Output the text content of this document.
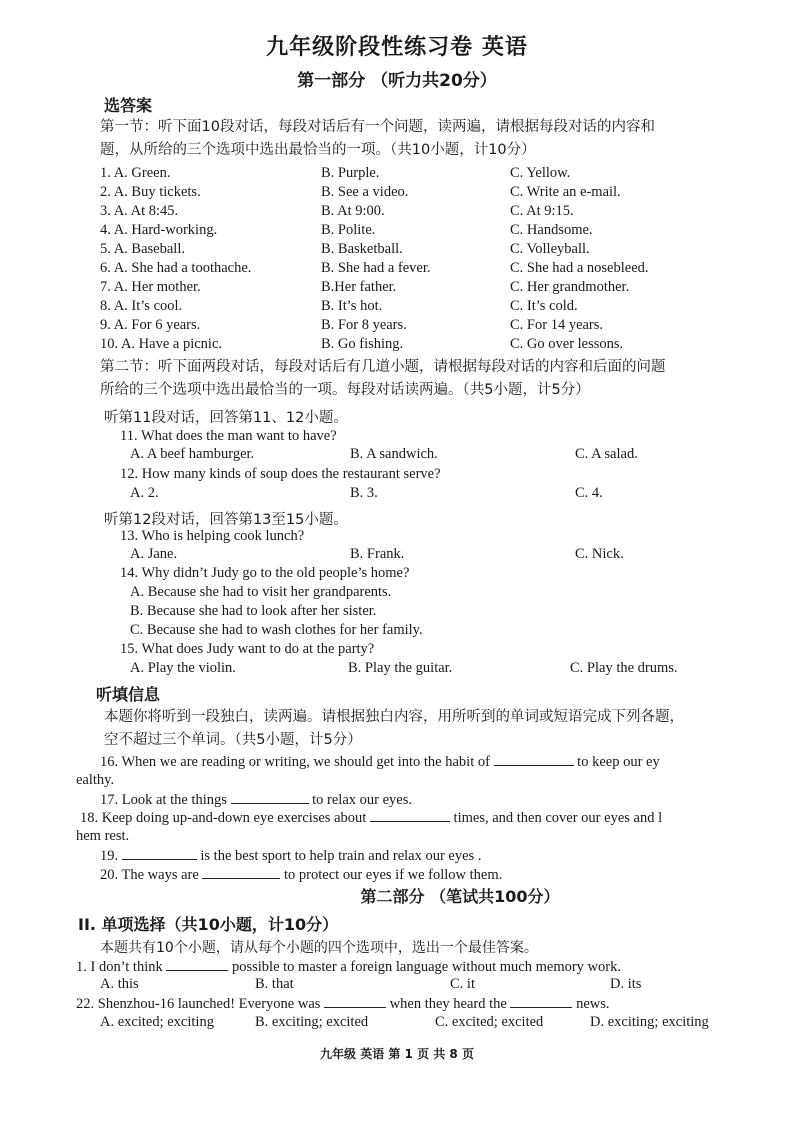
九年级阶段性练习卷 英语
第一部分 （听力共20分）
选答案
第一节：听下面10段对话，每段对话后有一个问题，读两遍，请根据每段对话的内容和
题，从所给的三个选项中选出最恰当的一项。（共10小题，计10分）
1. A. Green.	B. Purple.	C. Yellow.
2. A. Buy tickets.	B. See a video.	C. Write an e-mail.
3. A. At 8:45.	B. At 9:00.	C. At 9:15.
4. A. Hard-working.	B. Polite.	C. Handsome.
5. A. Baseball.	B. Basketball.	C. Volleyball.
6. A. She had a toothache.	B. She had a fever.	C. She had a nosebleed.
7. A. Her mother.	B.Her father.	C. Her grandmother.
8. A. It’s cool.	B. It’s hot.	C. It’s cold.
9. A. For 6 years.	B. For 8 years.	C. For 14 years.
10. A. Have a picnic.	B. Go fishing.	C. Go over lessons.
第二节：听下面两段对话，每段对话后有几道小题，请根据每段对话的内容和后面的问题
所给的三个选项中选出最恰当的一项。每段对话读两遍。（共5小题，计5分）
听第11段对话，回答第11、12小题。
11. What does the man want to have?
A. A beef hamburger.	B. A sandwich.	C. A salad.
12. How many kinds of soup does the restaurant serve?
A. 2.	B. 3.	C. 4.
听第12段对话，回答第13至15小题。
13. Who is helping cook lunch?
A. Jane.	B. Frank.	C. Nick.
14. Why didn’t Judy go to the old people’s home?
A. Because she had to visit her grandparents.
B. Because she had to look after her sister.
C. Because she had to wash clothes for her family.
15. What does Judy want to do at the party?
A. Play the violin.	B. Play the guitar.	C. Play the drums.
听填信息
本题你将听到一段独白，读两遍。请根据独白内容，用所听到的单词或短语完成下列各题，
空不超过三个单词。（共5小题，计5分）
16. When we are reading or writing, we should get into the habit of	to keep our ey
ealthy.
17. Look at the things	to relax our eyes.
18. Keep doing up-and-down eye exercises about	times, and then cover our eyes and l
hem rest.
19.	is the best sport to help train and relax our eyes .
20. The ways are	to protect our eyes if we follow them.
第二部分 （笔试共100分）
II. 单项选择（共10小题，计10分）
本题共有10个小题，请从每个小题的四个选项中，选出一个最佳答案。
1. I don’t think	possible to master a foreign language without much memory work.
A. this	B. that	C. it	D. its
22. Shenzhou-16 launched! Everyone was	when they heard the	news.
A. excited; exciting	B. exciting; excited	C. excited; excited	D. exciting; exciting
九年级 英语 第 1 页 共 8 页
